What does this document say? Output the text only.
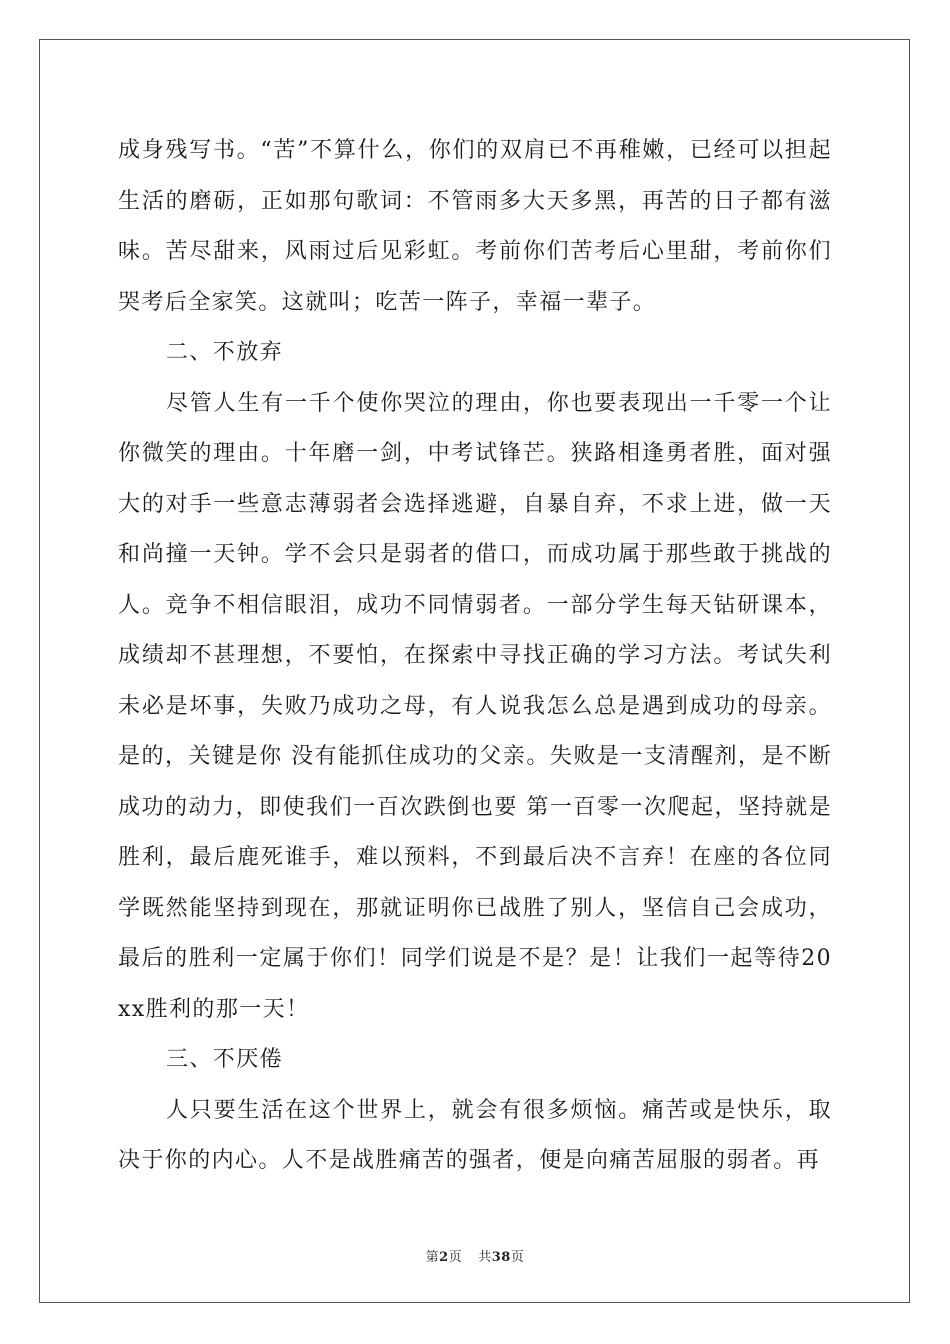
成身残写书。“苦”不算什么，你们的双肩已不再稚嫩，已经可以担起生活的磨砺，正如那句歌词：不管雨多大天多黑，再苦的日子都有滋味。苦尽甜来，风雨过后见彩虹。考前你们苦考后心里甜，考前你们哭考后全家笑。这就叫；吃苦一阵子，幸福一辈子。

二、不放弃

尽管人生有一千个使你哭泣的理由，你也要表现出一千零一个让你微笑的理由。十年磨一剑，中考试锋芒。狭路相逢勇者胜，面对强大的对手一些意志薄弱者会选择逃避，自暴自弃，不求上进，做一天和尚撞一天钟。学不会只是弱者的借口，而成功属于那些敢于挑战的人。竞争不相信眼泪，成功不同情弱者。一部分学生每天钻研课本，成绩却不甚理想，不要怕，在探索中寻找正确的学习方法。考试失利未必是坏事，失败乃成功之母，有人说我怎么总是遇到成功的母亲。是的，关键是你 没有能抓住成功的父亲。失败是一支清醒剂，是不断成功的动力，即使我们一百次跌倒也要 第一百零一次爬起，坚持就是胜利，最后鹿死谁手，难以预料，不到最后决不言弃！在座的各位同学既然能坚持到现在，那就证明你已战胜了别人，坚信自己会成功，最后的胜利一定属于你们！同学们说是不是？是！让我们一起等待20xx胜利的那一天！

三、不厌倦

人只要生活在这个世界上，就会有很多烦恼。痛苦或是快乐，取决于你的内心。人不是战胜痛苦的强者，便是向痛苦屈服的弱者。再

第2页 共38页
